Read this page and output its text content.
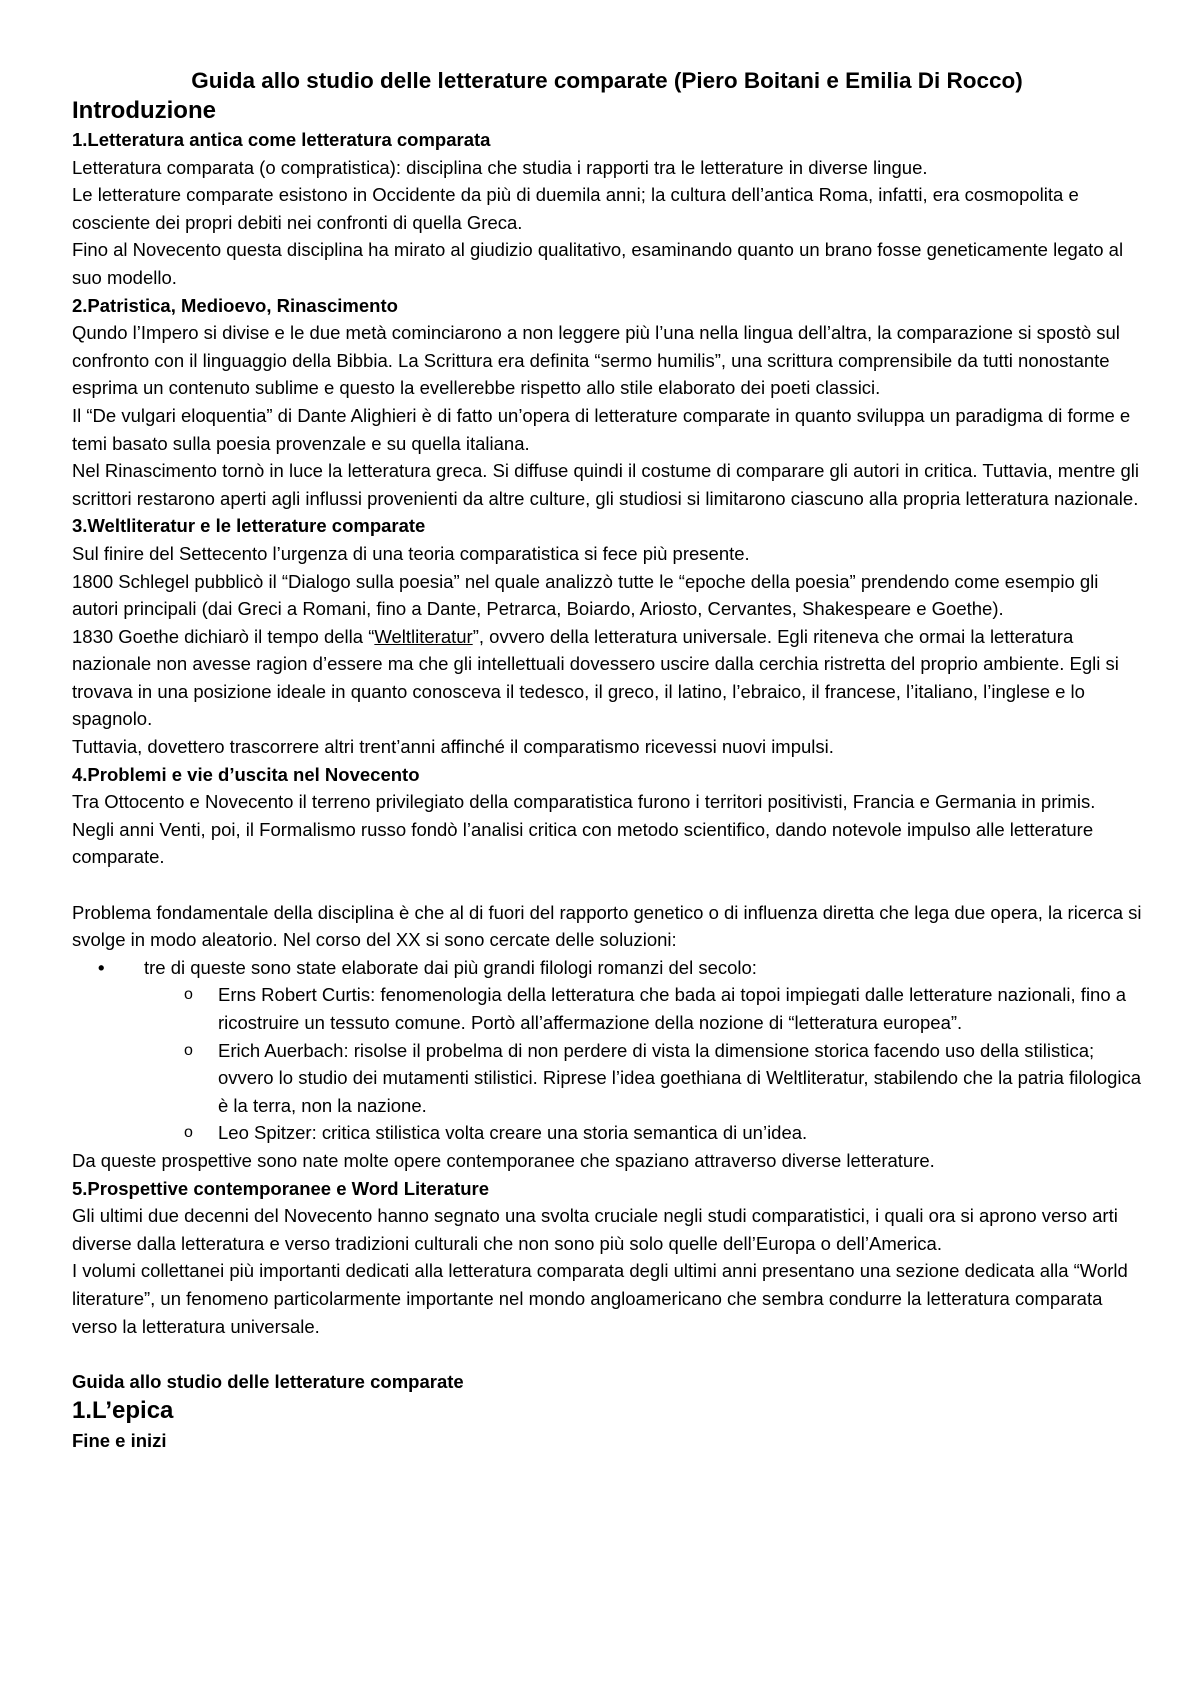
Guida allo studio delle letterature comparate (Piero Boitani e Emilia Di Rocco)

Introduzione

1.Letteratura antica come letteratura comparata

Letteratura comparata (o compratistica): disciplina che studia i rapporti tra le letterature in diverse lingue.

Le letterature comparate esistono in Occidente da più di duemila anni; la cultura dell’antica Roma, infatti, era cosmopolita e cosciente dei propri debiti nei confronti di quella Greca.

Fino al Novecento questa disciplina ha mirato al giudizio qualitativo, esaminando quanto un brano fosse geneticamente legato al suo modello.

2.Patristica, Medioevo, Rinascimento

Qundo l’Impero si divise e le due metà cominciarono a non leggere più l’una nella lingua dell’altra, la comparazione si spostò sul confronto con il linguaggio della Bibbia. La Scrittura era definita “sermo humilis”, una scrittura comprensibile da tutti nonostante esprima un contenuto sublime e questo la evellerebbe rispetto allo stile elaborato dei poeti classici.

Il “De vulgari eloquentia” di Dante Alighieri è di fatto un’opera di letterature comparate in quanto sviluppa un paradigma di forme e temi basato sulla poesia provenzale e su quella italiana.

Nel Rinascimento tornò in luce la letteratura greca. Si diffuse quindi il costume di comparare gli autori in critica. Tuttavia, mentre gli scrittori restarono aperti agli influssi provenienti da altre culture, gli studiosi si limitarono ciascuno alla propria letteratura nazionale.

3.Weltliteratur e le letterature comparate

Sul finire del Settecento l’urgenza di una teoria comparatistica si fece più presente.

1800 Schlegel pubblicò il “Dialogo sulla poesia” nel quale analizzò tutte le “epoche della poesia” prendendo come esempio gli autori principali (dai Greci a Romani, fino a Dante, Petrarca, Boiardo, Ariosto, Cervantes, Shakespeare e Goethe).

1830 Goethe dichiarò il tempo della “Weltliteratur”, ovvero della letteratura universale. Egli riteneva che ormai la letteratura nazionale non avesse ragion d’essere ma che gli intellettuali dovessero uscire dalla cerchia ristretta del proprio ambiente. Egli si trovava in una posizione ideale in quanto conosceva il tedesco, il greco, il latino, l’ebraico, il francese, l’italiano, l’inglese e lo spagnolo.

Tuttavia, dovettero trascorrere altri trent’anni affinché il comparatismo ricevessi nuovi impulsi.

4.Problemi e vie d’uscita nel Novecento

Tra Ottocento e Novecento il terreno privilegiato della comparatistica furono i territori positivisti, Francia e Germania in primis. Negli anni Venti, poi, il Formalismo russo fondò l’analisi critica con metodo scientifico, dando notevole impulso alle letterature comparate.

Problema fondamentale della disciplina è che al di fuori del rapporto genetico o di influenza diretta che lega due opera, la ricerca si svolge in modo aleatorio. Nel corso del XX si sono cercate delle soluzioni:

• tre di queste sono state elaborate dai più grandi filologi romanzi del secolo:
o Erns Robert Curtis: fenomenologia della letteratura che bada ai topoi impiegati dalle letterature nazionali, fino a ricostruire un tessuto comune. Portò all’affermazione della nozione di “letteratura europea”.
o Erich Auerbach: risolse il probelma di non perdere di vista la dimensione storica facendo uso della stilistica; ovvero lo studio dei mutamenti stilistici. Riprese l’idea goethiana di Weltliteratur, stabilendo che la patria filologica è la terra, non la nazione.
o Leo Spitzer: critica stilistica volta creare una storia semantica di un’idea.

Da queste prospettive sono nate molte opere contemporanee che spaziano attraverso diverse letterature.

5.Prospettive contemporanee e Word Literature

Gli ultimi due decenni del Novecento hanno segnato una svolta cruciale negli studi comparatistici, i quali ora si aprono verso arti diverse dalla letteratura e verso tradizioni culturali che non sono più solo quelle dell’Europa o dell’America.

I volumi collettanei più importanti dedicati alla letteratura comparata degli ultimi anni presentano una sezione dedicata alla “World literature”, un fenomeno particolarmente importante nel mondo angloamericano che sembra condurre la letteratura comparata verso la letteratura universale.

Guida allo studio delle letterature comparate

1.L’epica

Fine e inizi
